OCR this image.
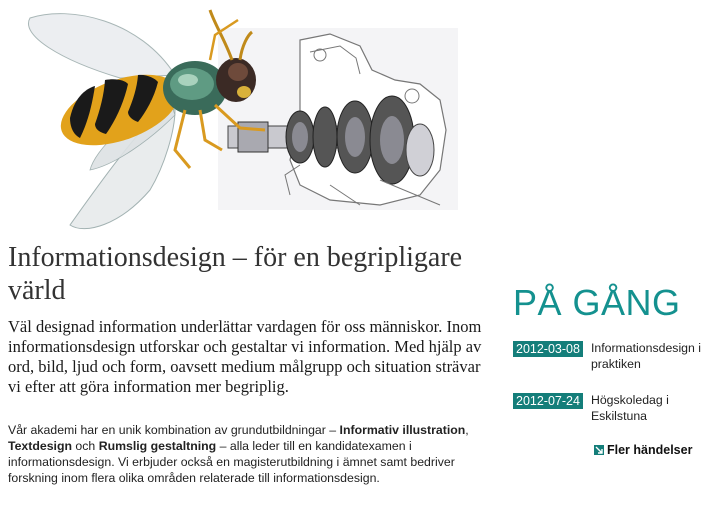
Informationsdesign – för en begripligare värld

Väl designad information underlättar vardagen för oss människor. Inom informationsdesign utforskar och gestaltar vi information. Med hjälp av ord, bild, ljud och form, oavsett medium målgrupp och situation strävar vi efter att göra information mer begriplig.

Vår akademi har en unik kombination av grundutbildningar – Informativ illustration, Textdesign och Rumslig gestaltning – alla leder till en kandidatexamen i informationsdesign. Vi erbjuder också en magisterutbildning i ämnet samt bedriver forskning inom flera olika områden relaterade till informationsdesign.

PÅ GÅNG
2012-03-08 Informationsdesign i praktiken
2012-07-24 Högskoledag i Eskilstuna
Fler händelser
